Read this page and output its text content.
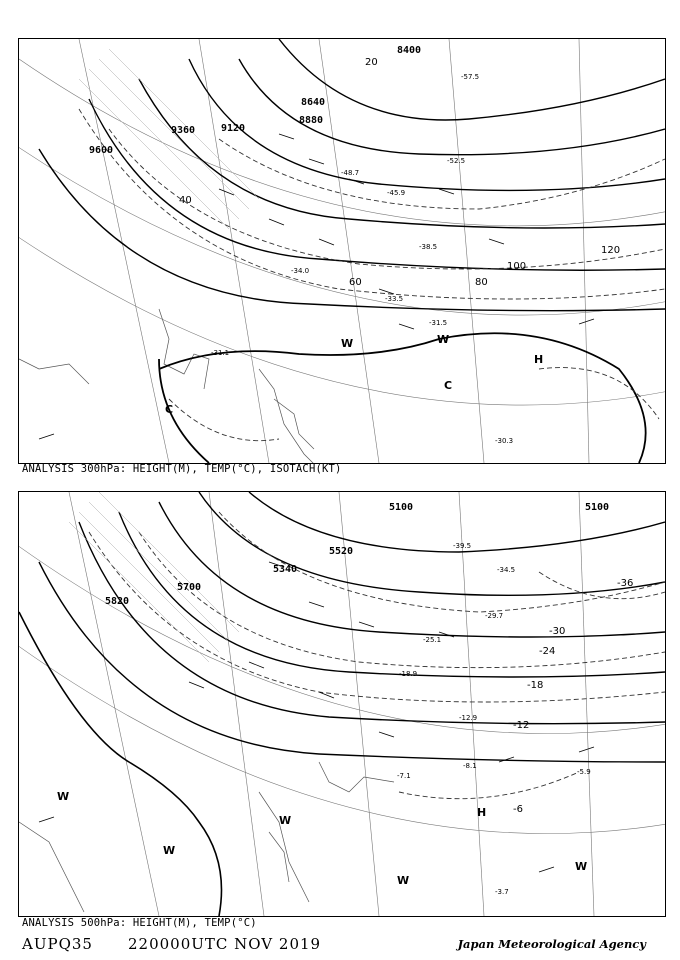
8400
8640
8880
9120
9360
9600
20
40
60	80
100
120
-57.5
-52.5
-48.7
-45.9
-38.5
-34.0
-31.5
-33.5
-30.3
-31.1	H
C
C
W
W
ANALYSIS 300hPa: HEIGHT(M), TEMP(°C), ISOTACH(KT)
5100	5100
5340
5520
5700
5820
-36
-30
-24
-18
-12
-6
-39.5
-34.5
-29.7
-25.1
-18.9
-12.9
-8.1
-7.1	-5.9
-3.7
H
W
W
W
W
W
ANALYSIS 500hPa: HEIGHT(M), TEMP(°C)
AUPQ35 220000UTC NOV 2019	Japan Meteorological Agency
